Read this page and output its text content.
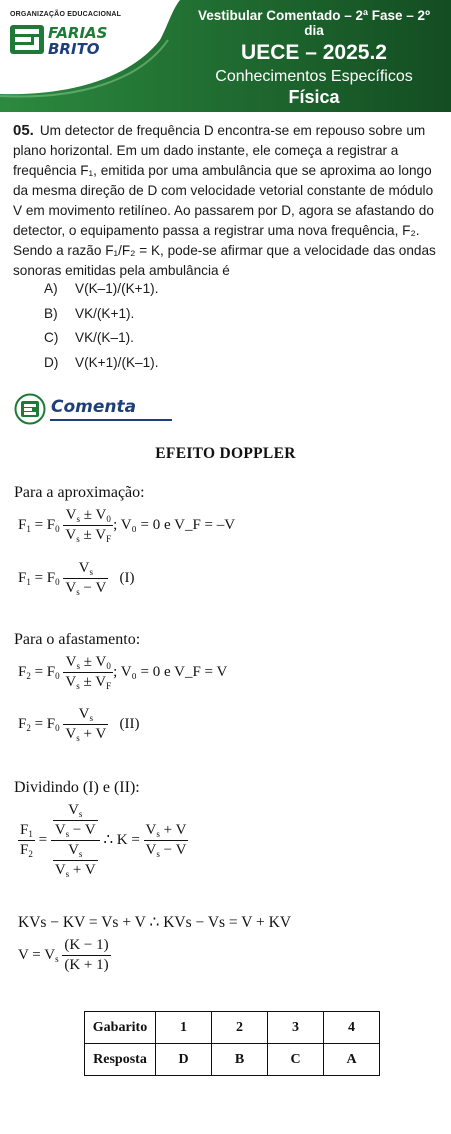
ORGANIZAÇÃO EDUCACIONAL
FARIAS
BRITO
Vestibular Comentado – 2ª Fase – 2º dia
UECE – 2025.2
Conhecimentos Específicos
Física
05. Um detector de frequência D encontra-se em repouso sobre um plano horizontal. Em um dado instante, ele começa a registrar a frequência F₁, emitida por uma ambulância que se aproxima ao longo da mesma direção de D com velocidade vetorial constante de módulo V em movimento retilíneo. Ao passarem por D, agora se afastando do detector, o equipamento passa a registrar uma nova frequência, F₂. Sendo a razão F₁/F₂ = K, pode-se afirmar que a velocidade das ondas sonoras emitidas pela ambulância é
A) V(K–1)/(K+1).
B) VK/(K+1).
C) VK/(K–1).
D) V(K+1)/(K–1).
Comenta
EFEITO DOPPLER
Para a aproximação:
$F_1 = F_0 \frac{V_s \pm V_0}{V_s \pm V_F}$ ; V₀ = 0 e V_F = –V
$F_1 = F_0 \frac{V_s}{V_s - V} (I)$
Para o afastamento:
$F_2 = F_0 \frac{V_s \pm V_0}{V_s \pm V_F}$ ; V₀ = 0 e V_F = V
$F_2 = F_0 \frac{V_s}{V_s + V} (II)$
Dividindo (I) e (II):
$\frac{F_1}{F_2} = \frac{\frac{V_s}{V_s - V}}{\frac{V_s}{V_s + V}}$ ∴ $K = \frac{V_s + V}{V_s - V}$
KVs − KV = Vs + V ∴ KVs − Vs = V + KV
$V = V_s \frac{(K - 1)}{(K + 1)}$
Gabarito	1	2	3	4
Resposta	D	B	C	A
